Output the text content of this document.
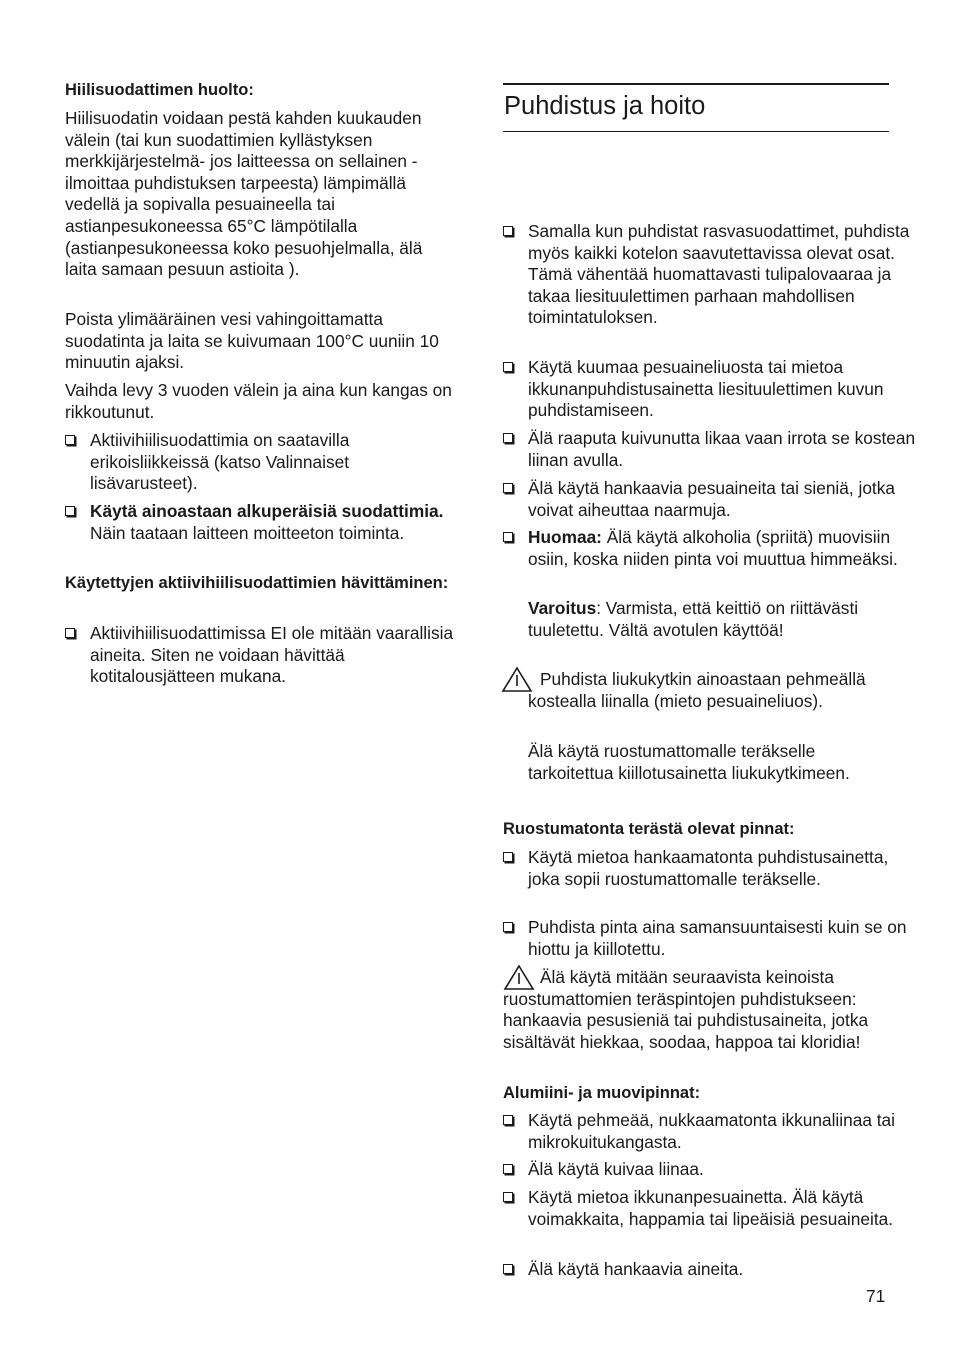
Hiilisuodattimen huolto:

Hiilisuodatin voidaan pestä kahden kuukauden välein (tai kun suodattimien kyllästyksen merkkijärjestelmä- jos laitteessa on sellainen - ilmoittaa puhdistuksen tarpeesta) lämpimällä vedellä ja sopivalla pesuaineella tai astianpesukoneessa 65°C lämpötilalla (astianpesukoneessa koko pesuohjelmalla, älä laita samaan pesuun astioita ).

Poista ylimääräinen vesi vahingoittamatta suodatinta ja laita se kuivumaan 100°C uuniin 10 minuutin ajaksi.

Vaihda levy 3 vuoden välein ja aina kun kangas on rikkoutunut.

Aktiivihiilisuodattimia on saatavilla erikoisliikkeissä (katso Valinnaiset lisävarusteet).
Käytä ainoastaan alkuperäisiä suodattimia. Näin taataan laitteen moitteeton toiminta.

Käytettyjen aktiivihiilisuodattimien hävittäminen:

Aktiivihiilisuodattimissa EI ole mitään vaarallisia aineita. Siten ne voidaan hävittää kotitalousjätteen mukana.
Puhdistus ja hoito
Samalla kun puhdistat rasvasuodattimet, puhdista myös kaikki kotelon saavutettavissa olevat osat. Tämä vähentää huomattavasti tulipalovaaraa ja takaa liesituulettimen parhaan mahdollisen toimintatuloksen.
Käytä kuumaa pesuaineliuosta tai mietoa ikkunanpuhdistusainetta liesituulettimen kuvun puhdistamiseen.
Älä raaputa kuivunutta likaa vaan irrota se kostean liinan avulla.
Älä käytä hankaavia pesuaineita tai sieniä, jotka voivat aiheuttaa naarmuja.
Huomaa: Älä käytä alkoholia (spriitä) muovisiin osiin, koska niiden pinta voi muuttua himmeäksi.

Varoitus: Varmista, että keittiö on riittävästi tuuletettu. Vältä avotulen käyttöä!

Puhdista liukukytkin ainoastaan pehmeällä kostealla liinalla (mieto pesuaineliuos).

Älä käytä ruostumattomalle teräkselle tarkoitettua kiillotusainetta liukukytkimeen.

Ruostumatonta terästä olevat pinnat:

Käytä mietoa hankaamatonta puhdistusainetta, joka sopii ruostumattomalle teräkselle.
Puhdista pinta aina samansuuntaisesti kuin se on hiottu ja kiillotettu.

Älä käytä mitään seuraavista keinoista ruostumattomien teräspintojen puhdistukseen: hankaavia pesusieniä tai puhdistusaineita, jotka sisältävät hiekkaa, soodaa, happoa tai kloridia!

Alumiini- ja muovipinnat:

Käytä pehmeää, nukkaamatonta ikkunaliinaa tai mikrokuitukangasta.
Älä käytä kuivaa liinaa.
Käytä mietoa ikkunanpesuainetta. Älä käytä voimakkaita, happamia tai lipeäisiä pesuaineita.
Älä käytä hankaavia aineita.
71
